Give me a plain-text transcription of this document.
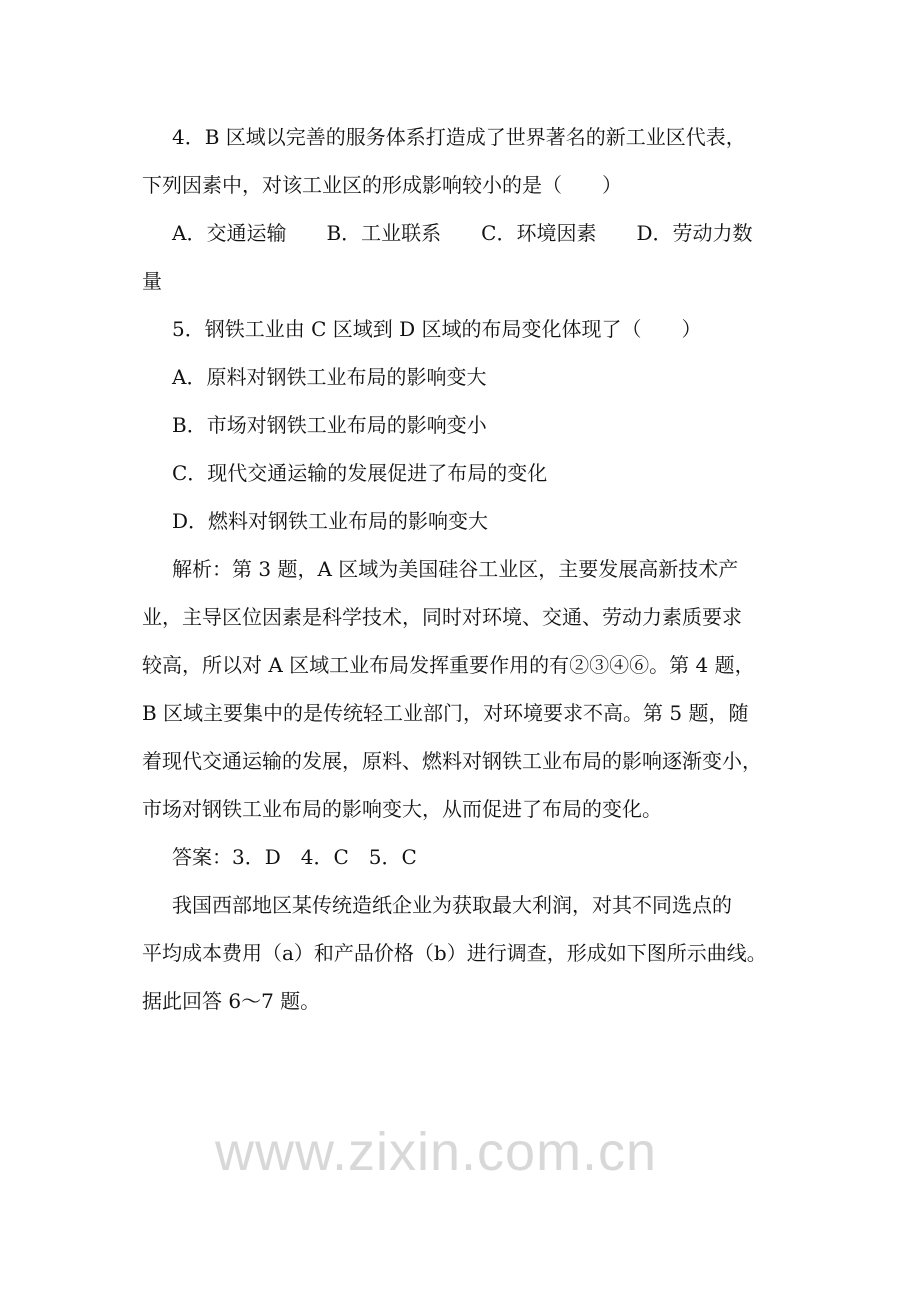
www.zixin.com.cn
4．B 区域以完善的服务体系打造成了世界著名的新工业区代表，
下列因素中，对该工业区的形成影响较小的是（　　）
A．交通运输　　B．工业联系　　C．环境因素　　D．劳动力数
量
5．钢铁工业由 C 区域到 D 区域的布局变化体现了（　　）
A．原料对钢铁工业布局的影响变大
B．市场对钢铁工业布局的影响变小
C．现代交通运输的发展促进了布局的变化
D．燃料对钢铁工业布局的影响变大
解析：第 3 题，A 区域为美国硅谷工业区，主要发展高新技术产
业，主导区位因素是科学技术，同时对环境、交通、劳动力素质要求
较高，所以对 A 区域工业布局发挥重要作用的有②③④⑥。第 4 题，
B 区域主要集中的是传统轻工业部门，对环境要求不高。第 5 题，随
着现代交通运输的发展，原料、燃料对钢铁工业布局的影响逐渐变小，
市场对钢铁工业布局的影响变大，从而促进了布局的变化。
答案：3．D　4．C　5．C
我国西部地区某传统造纸企业为获取最大利润，对其不同选点的
平均成本费用（a）和产品价格（b）进行调查，形成如下图所示曲线。
据此回答 6～7 题。
